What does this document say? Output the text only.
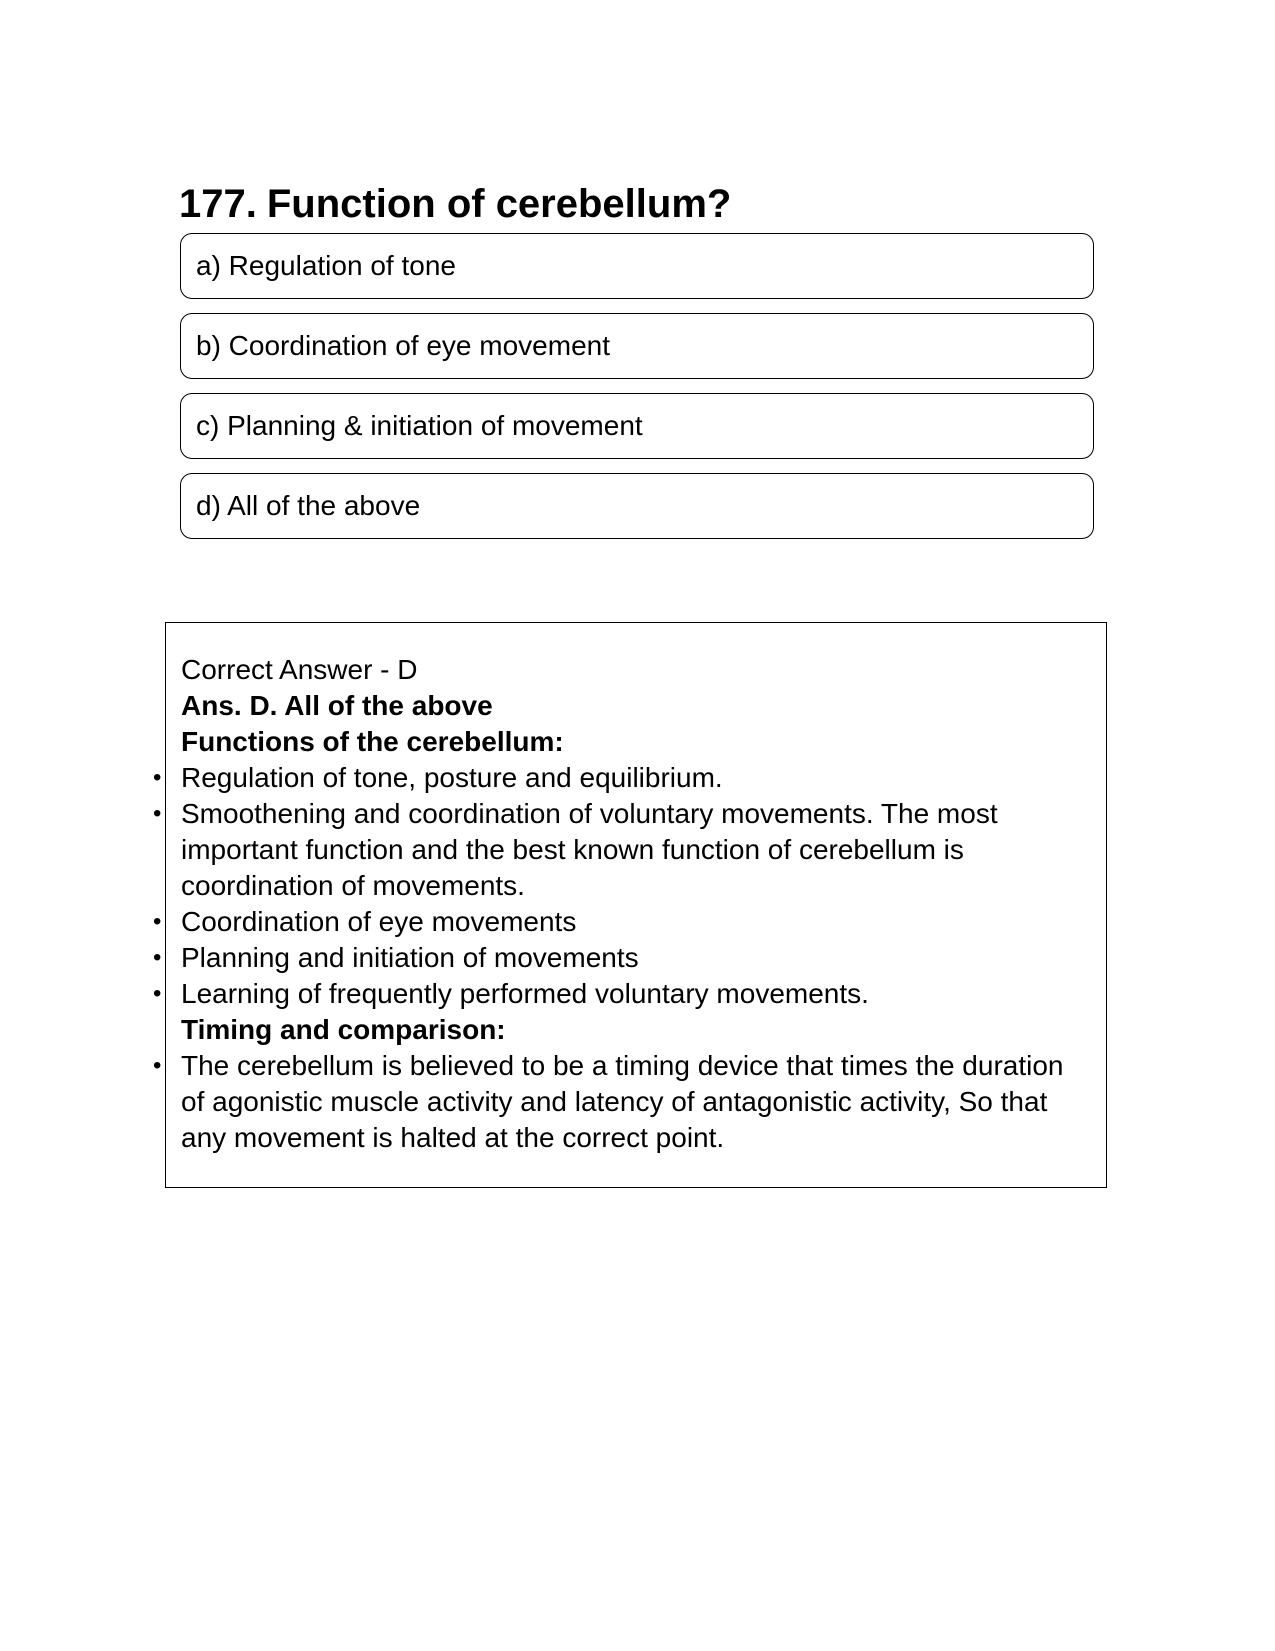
177. Function of cerebellum?
a) Regulation of tone
b) Coordination of eye movement
c) Planning & initiation of movement
d) All of the above
Correct Answer - D
Ans. D. All of the above
Functions of the cerebellum:
• Regulation of tone, posture and equilibrium.
• Smoothening and coordination of voluntary movements. The most important function and the best known function of cerebellum is coordination of movements.
• Coordination of eye movements
• Planning and initiation of movements
• Learning of frequently performed voluntary movements.
Timing and comparison:
• The cerebellum is believed to be a timing device that times the duration of agonistic muscle activity and latency of antagonistic activity, So that any movement is halted at the correct point.
